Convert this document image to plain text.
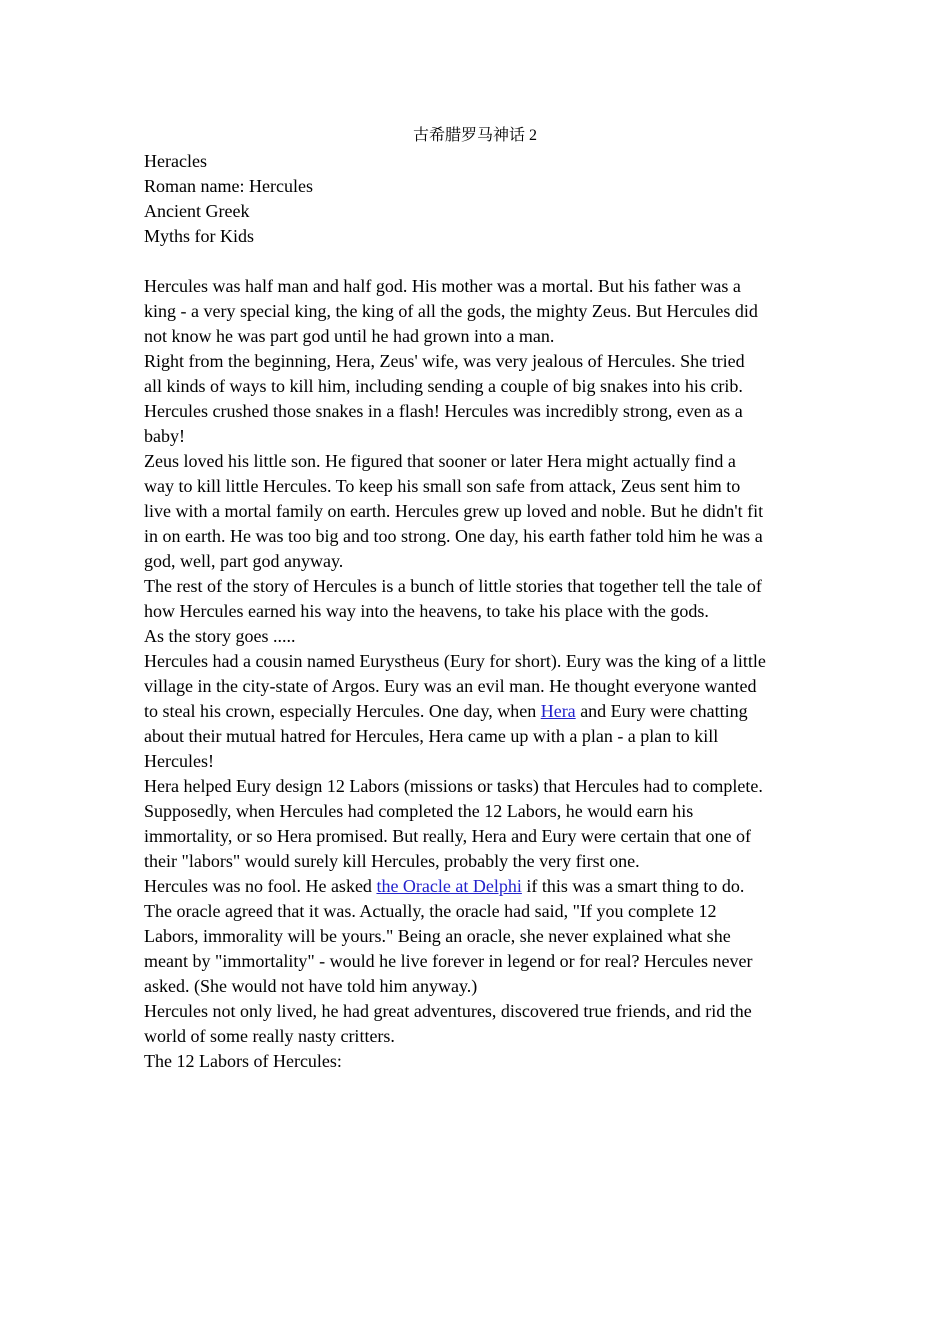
古希腊罗马神话 2
Heracles
Roman name: Hercules
Ancient Greek
Myths for Kids
Hercules was half man and half god. His mother was a mortal. But his father was a
king - a very special king, the king of all the gods, the mighty Zeus. But Hercules did
not know he was part god until he had grown into a man.
Right from the beginning, Hera, Zeus' wife, was very jealous of Hercules. She tried
all kinds of ways to kill him, including sending a couple of big snakes into his crib.
Hercules crushed those snakes in a flash! Hercules was incredibly strong, even as a
baby!
Zeus loved his little son. He figured that sooner or later Hera might actually find a
way to kill little Hercules. To keep his small son safe from attack, Zeus sent him to
live with a mortal family on earth. Hercules grew up loved and noble. But he didn't fit
in on earth. He was too big and too strong. One day, his earth father told him he was a
god, well, part god anyway.
The rest of the story of Hercules is a bunch of little stories that together tell the tale of
how Hercules earned his way into the heavens, to take his place with the gods.
As the story goes .....
Hercules had a cousin named Eurystheus (Eury for short). Eury was the king of a little
village in the city-state of Argos. Eury was an evil man. He thought everyone wanted
to steal his crown, especially Hercules. One day, when Hera and Eury were chatting
about their mutual hatred for Hercules, Hera came up with a plan - a plan to kill
Hercules!
Hera helped Eury design 12 Labors (missions or tasks) that Hercules had to complete.
Supposedly, when Hercules had completed the 12 Labors, he would earn his
immortality, or so Hera promised. But really, Hera and Eury were certain that one of
their "labors" would surely kill Hercules, probably the very first one.
Hercules was no fool. He asked the Oracle at Delphi if this was a smart thing to do.
The oracle agreed that it was. Actually, the oracle had said, "If you complete 12
Labors, immorality will be yours." Being an oracle, she never explained what she
meant by "immortality" - would he live forever in legend or for real? Hercules never
asked. (She would not have told him anyway.)
Hercules not only lived, he had great adventures, discovered true friends, and rid the
world of some really nasty critters.
The 12 Labors of Hercules:
